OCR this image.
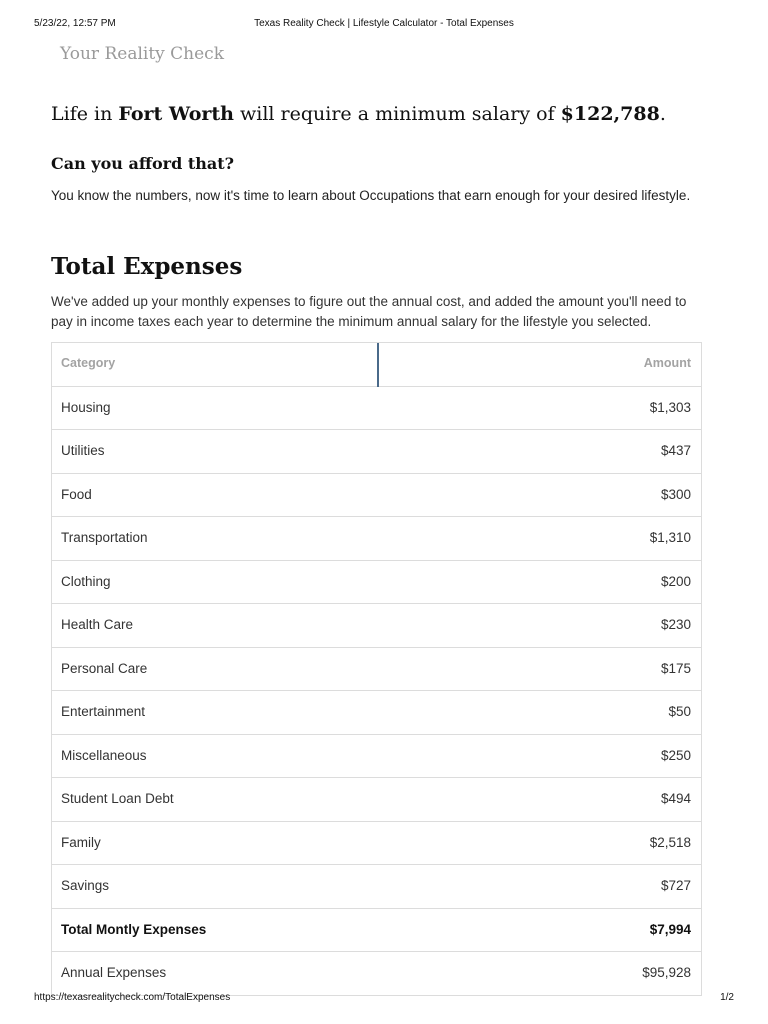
5/23/22, 12:57 PM	Texas Reality Check | Lifestyle Calculator - Total Expenses
Your Reality Check
Life in Fort Worth will require a minimum salary of $122,788.
Can you afford that?
You know the numbers, now it's time to learn about Occupations that earn enough for your desired lifestyle.
Total Expenses
We've added up your monthly expenses to figure out the annual cost, and added the amount you'll need to pay in income taxes each year to determine the minimum annual salary for the lifestyle you selected.
Category	Amount
Housing	$1,303
Utilities	$437
Food	$300
Transportation	$1,310
Clothing	$200
Health Care	$230
Personal Care	$175
Entertainment	$50
Miscellaneous	$250
Student Loan Debt	$494
Family	$2,518
Savings	$727
Total Montly Expenses	$7,994
Annual Expenses	$95,928
https://texasrealitycheck.com/TotalExpenses	1/2
